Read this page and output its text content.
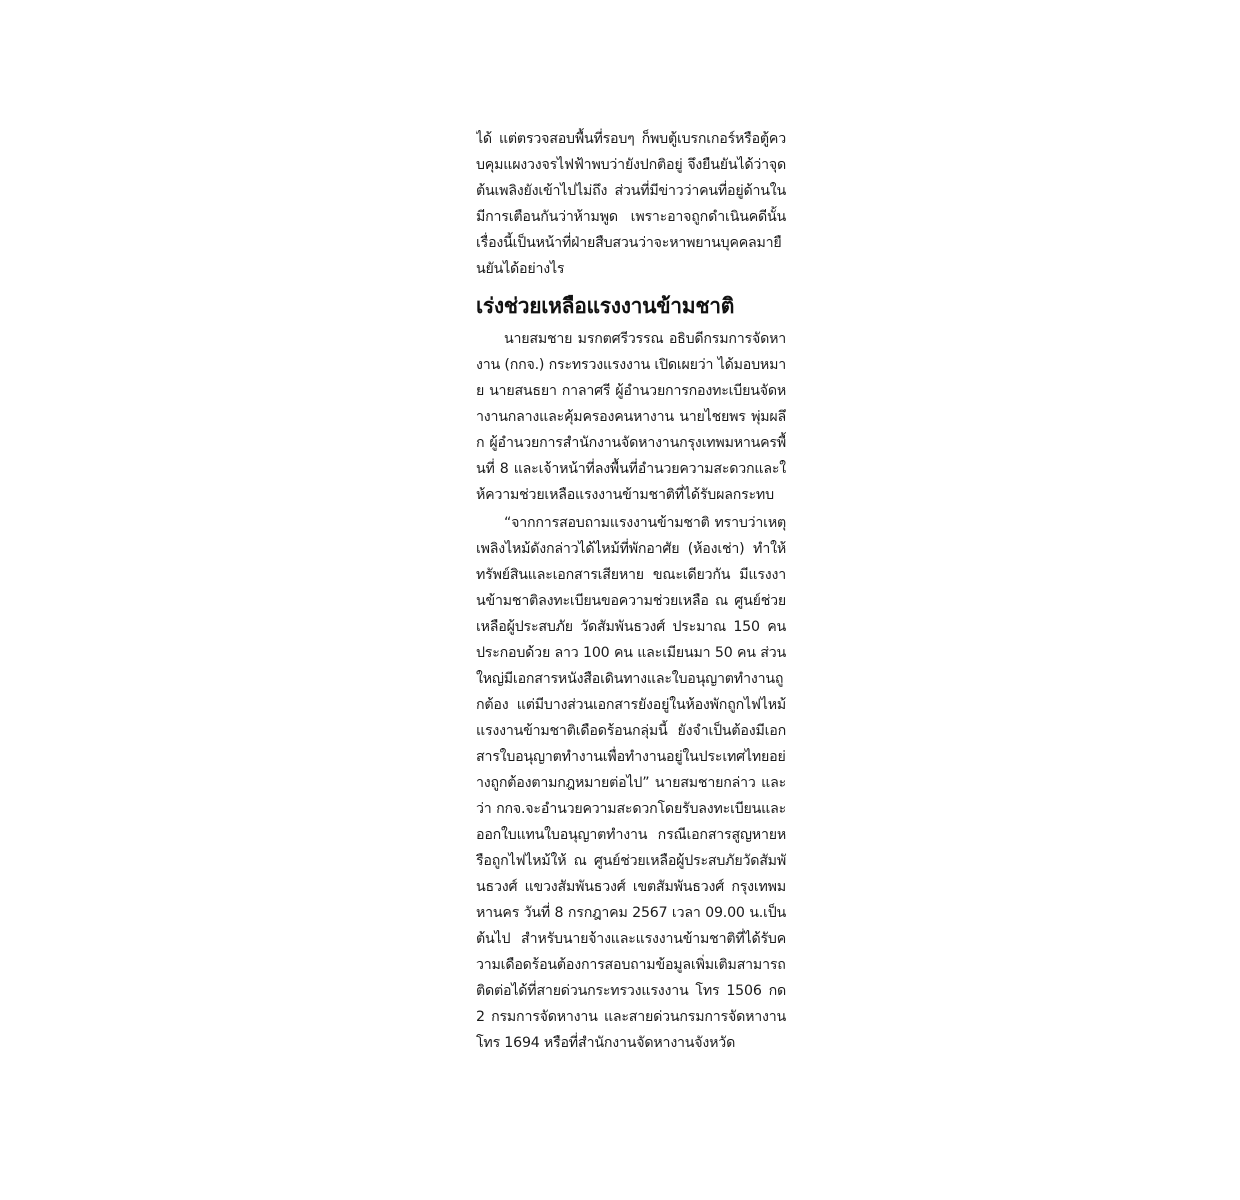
ได้ แต่ตรวจสอบพื้นที่รอบๆ ก็พบตู้เบรกเกอร์หรือตู้ควบคุมแผงวงจรไฟฟ้าพบว่ายังปกติอยู่ จึงยืนยันได้ว่าจุดต้นเพลิงยังเข้าไปไม่ถึง ส่วนที่มีข่าวว่าคนที่อยู่ด้านในมีการเตือนกันว่าห้ามพูด เพราะอาจถูกดำเนินคดีนั้น เรื่องนี้เป็นหน้าที่ฝ่ายสืบสวนว่าจะหาพยานบุคคลมายืนยันได้อย่างไร

เร่งช่วยเหลือแรงงานข้ามชาติ

นายสมชาย มรกตศรีวรรณ อธิบดีกรมการจัดหางาน (กกจ.) กระทรวงแรงงาน เปิดเผยว่า ได้มอบหมาย นายสนธยา กาลาศรี ผู้อำนวยการกองทะเบียนจัดหางานกลางและคุ้มครองคนหางาน นายไชยพร พุ่มผลึก ผู้อำนวยการสำนักงานจัดหางานกรุงเทพมหานครพื้นที่ 8 และเจ้าหน้าที่ลงพื้นที่อำนวยความสะดวกและให้ความช่วยเหลือแรงงานข้ามชาติที่ได้รับผลกระทบ

“จากการสอบถามแรงงานข้ามชาติ ทราบว่าเหตุเพลิงไหม้ดังกล่าวได้ไหม้ที่พักอาศัย (ห้องเช่า) ทำให้ทรัพย์สินและเอกสารเสียหาย ขณะเดียวกัน มีแรงงานข้ามชาติลงทะเบียนขอความช่วยเหลือ ณ ศูนย์ช่วยเหลือผู้ประสบภัย วัดสัมพันธวงศ์ ประมาณ 150 คน ประกอบด้วย ลาว 100 คน และเมียนมา 50 คน ส่วนใหญ่มีเอกสารหนังสือเดินทางและใบอนุญาตทำงานถูกต้อง แต่มีบางส่วนเอกสารยังอยู่ในห้องพักถูกไฟไหม้ แรงงานข้ามชาติเดือดร้อนกลุ่มนี้ ยังจำเป็นต้องมีเอกสารใบอนุญาตทำงานเพื่อทำงานอยู่ในประเทศไทยอย่างถูกต้องตามกฎหมายต่อไป” นายสมชายกล่าว และว่า กกจ.จะอำนวยความสะดวกโดยรับลงทะเบียนและออกใบแทนใบอนุญาตทำงาน กรณีเอกสารสูญหายหรือถูกไฟไหม้ให้ ณ ศูนย์ช่วยเหลือผู้ประสบภัยวัดสัมพันธวงศ์ แขวงสัมพันธวงศ์ เขตสัมพันธวงศ์ กรุงเทพมหานคร วันที่ 8 กรกฎาคม 2567 เวลา 09.00 น.เป็นต้นไป สำหรับนายจ้างและแรงงานข้ามชาติที่ได้รับความเดือดร้อนต้องการสอบถามข้อมูลเพิ่มเติมสามารถติดต่อได้ที่สายด่วนกระทรวงแรงงาน โทร 1506 กด 2 กรมการจัดหางาน และสายด่วนกรมการจัดหางาน โทร 1694 หรือที่สำนักงานจัดหางานจังหวัด
